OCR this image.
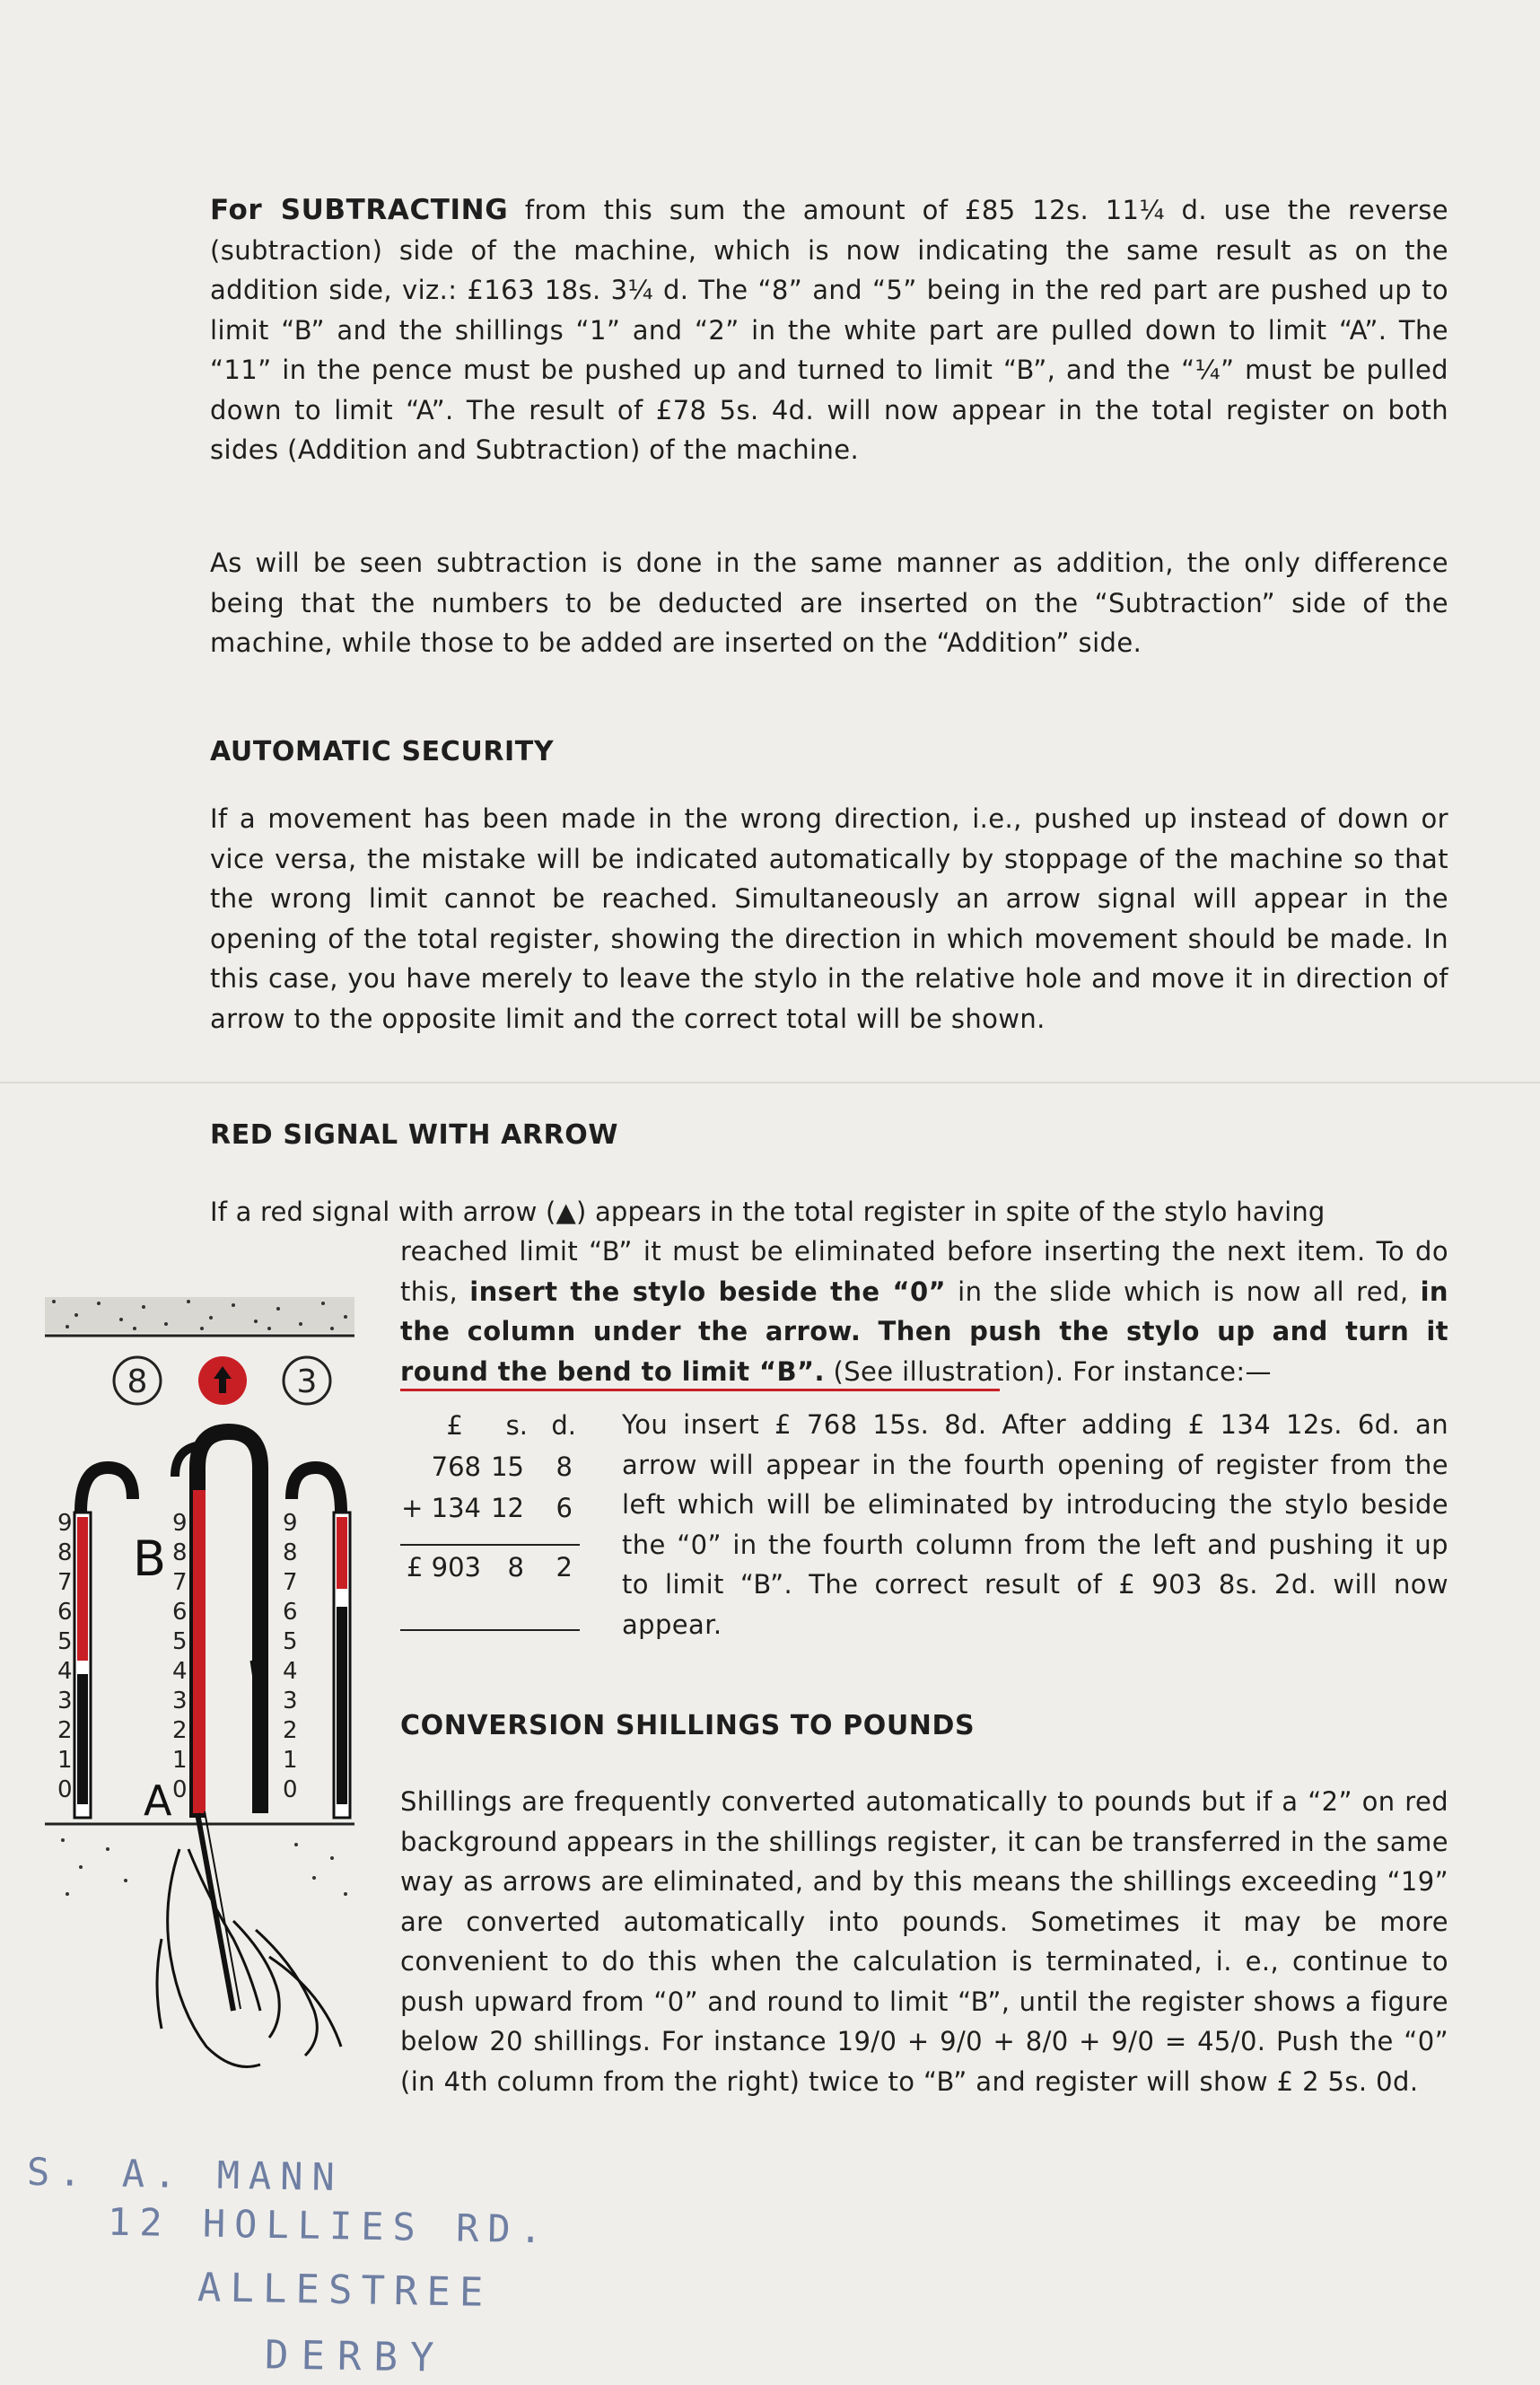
For SUBTRACTING from this sum the amount of £85 12s. 11¼ d. use the reverse (subtraction) side of the machine, which is now indicating the same result as on the addition side, viz.: £163 18s. 3¼ d. The “8” and “5” being in the red part are pushed up to limit “B” and the shillings “1” and “2” in the white part are pulled down to limit “A”. The “11” in the pence must be pushed up and turned to limit “B”, and the “¼” must be pulled down to limit “A”. The result of £78 5s. 4d. will now appear in the total register on both sides (Addition and Subtraction) of the machine.
As will be seen subtraction is done in the same manner as addition, the only difference being that the numbers to be deducted are inserted on the “Subtraction” side of the machine, while those to be added are inserted on the “Addition” side.
AUTOMATIC SECURITY
If a movement has been made in the wrong direction, i.e., pushed up instead of down or vice versa, the mistake will be indicated automatically by stoppage of the machine so that the wrong limit cannot be reached. Simultaneously an arrow signal will appear in the opening of the total register, showing the direction in which movement should be made. In this case, you have merely to leave the stylo in the relative hole and move it in direction of arrow to the opposite limit and the correct total will be shown.
RED SIGNAL WITH ARROW
If a red signal with arrow (▲) appears in the total register in spite of the stylo having
reached limit “B” it must be eliminated before inserting the next item. To do this, insert the stylo beside the “0” in the slide which is now all red, in the column under the arrow. Then push the stylo up and turn it round the bend to limit “B”. (See illustration). For instance:—
£	s. d.
768 15	8
+ 134 12	6
£ 903	8	2
You insert £ 768 15s. 8d. After adding £ 134 12s. 6d. an arrow will appear in the fourth opening of register from the left which will be eliminated by introducing the stylo beside the “0” in the fourth column from the left and pushing it up to limit “B”. The correct result of £ 903 8s. 2d. will now appear.
CONVERSION SHILLINGS TO POUNDS
Shillings are frequently converted automatically to pounds but if a “2” on red background appears in the shillings register, it can be transferred in the same way as arrows are eliminated, and by this means the shillings exceeding “19” are converted automatically into pounds. Sometimes it may be more convenient to do this when the calculation is terminated, i. e., continue to push upward from “0” and round to limit “B”, until the register shows a figure below 20 shillings. For instance 19/0 + 9/0 + 8/0 + 9/0 = 45/0. Push the “0” (in 4th column from the right) twice to “B” and register will show £ 2 5s. 0d.
8	3
9
8
7
6
5
4
3
2
1
0
9
8
7
6
5
4
3
2
1
0
9
8
7
6
5
4
3
2
1
0
B
A
S. A. MANN
12 HOLLIES RD.
ALLESTREE
DERBY
